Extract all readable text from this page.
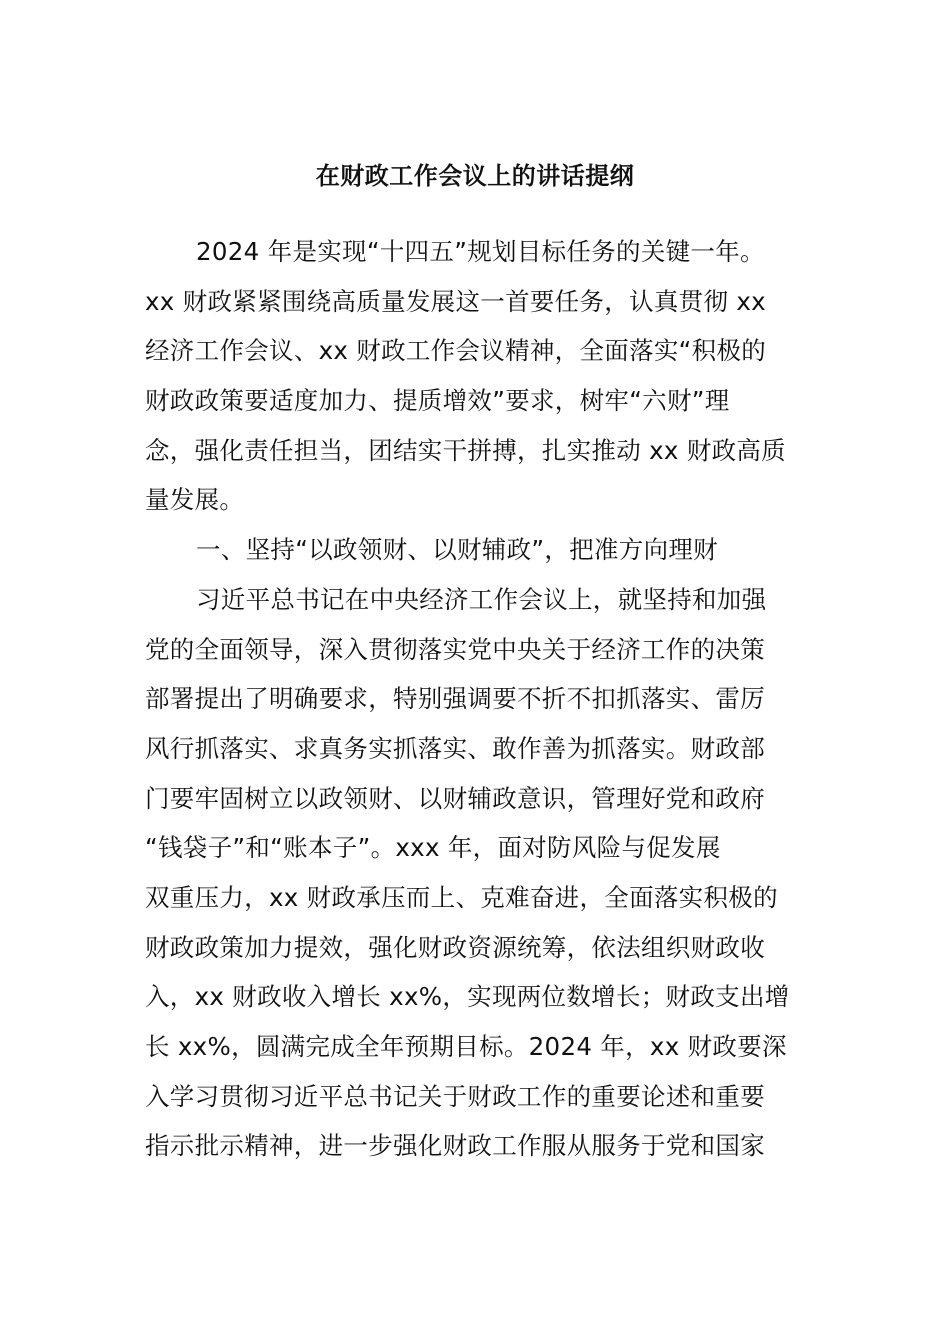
在财政工作会议上的讲话提纲
2024 年是实现“十四五”规划目标任务的关键一年。
xx 财政紧紧围绕高质量发展这一首要任务，认真贯彻 xx
经济工作会议、xx 财政工作会议精神，全面落实“积极的
财政政策要适度加力、提质增效”要求，树牢“六财”理
念，强化责任担当，团结实干拼搏，扎实推动 xx 财政高质
量发展。
一、坚持“以政领财、以财辅政”，把准方向理财
习近平总书记在中央经济工作会议上，就坚持和加强
党的全面领导，深入贯彻落实党中央关于经济工作的决策
部署提出了明确要求，特别强调要不折不扣抓落实、雷厉
风行抓落实、求真务实抓落实、敢作善为抓落实。财政部
门要牢固树立以政领财、以财辅政意识，管理好党和政府
“钱袋子”和“账本子”。xxx 年，面对防风险与促发展
双重压力，xx 财政承压而上、克难奋进，全面落实积极的
财政政策加力提效，强化财政资源统筹，依法组织财政收
入，xx 财政收入增长 xx%，实现两位数增长；财政支出增
长 xx%，圆满完成全年预期目标。2024 年，xx 财政要深
入学习贯彻习近平总书记关于财政工作的重要论述和重要
指示批示精神，进一步强化财政工作服从服务于党和国家
